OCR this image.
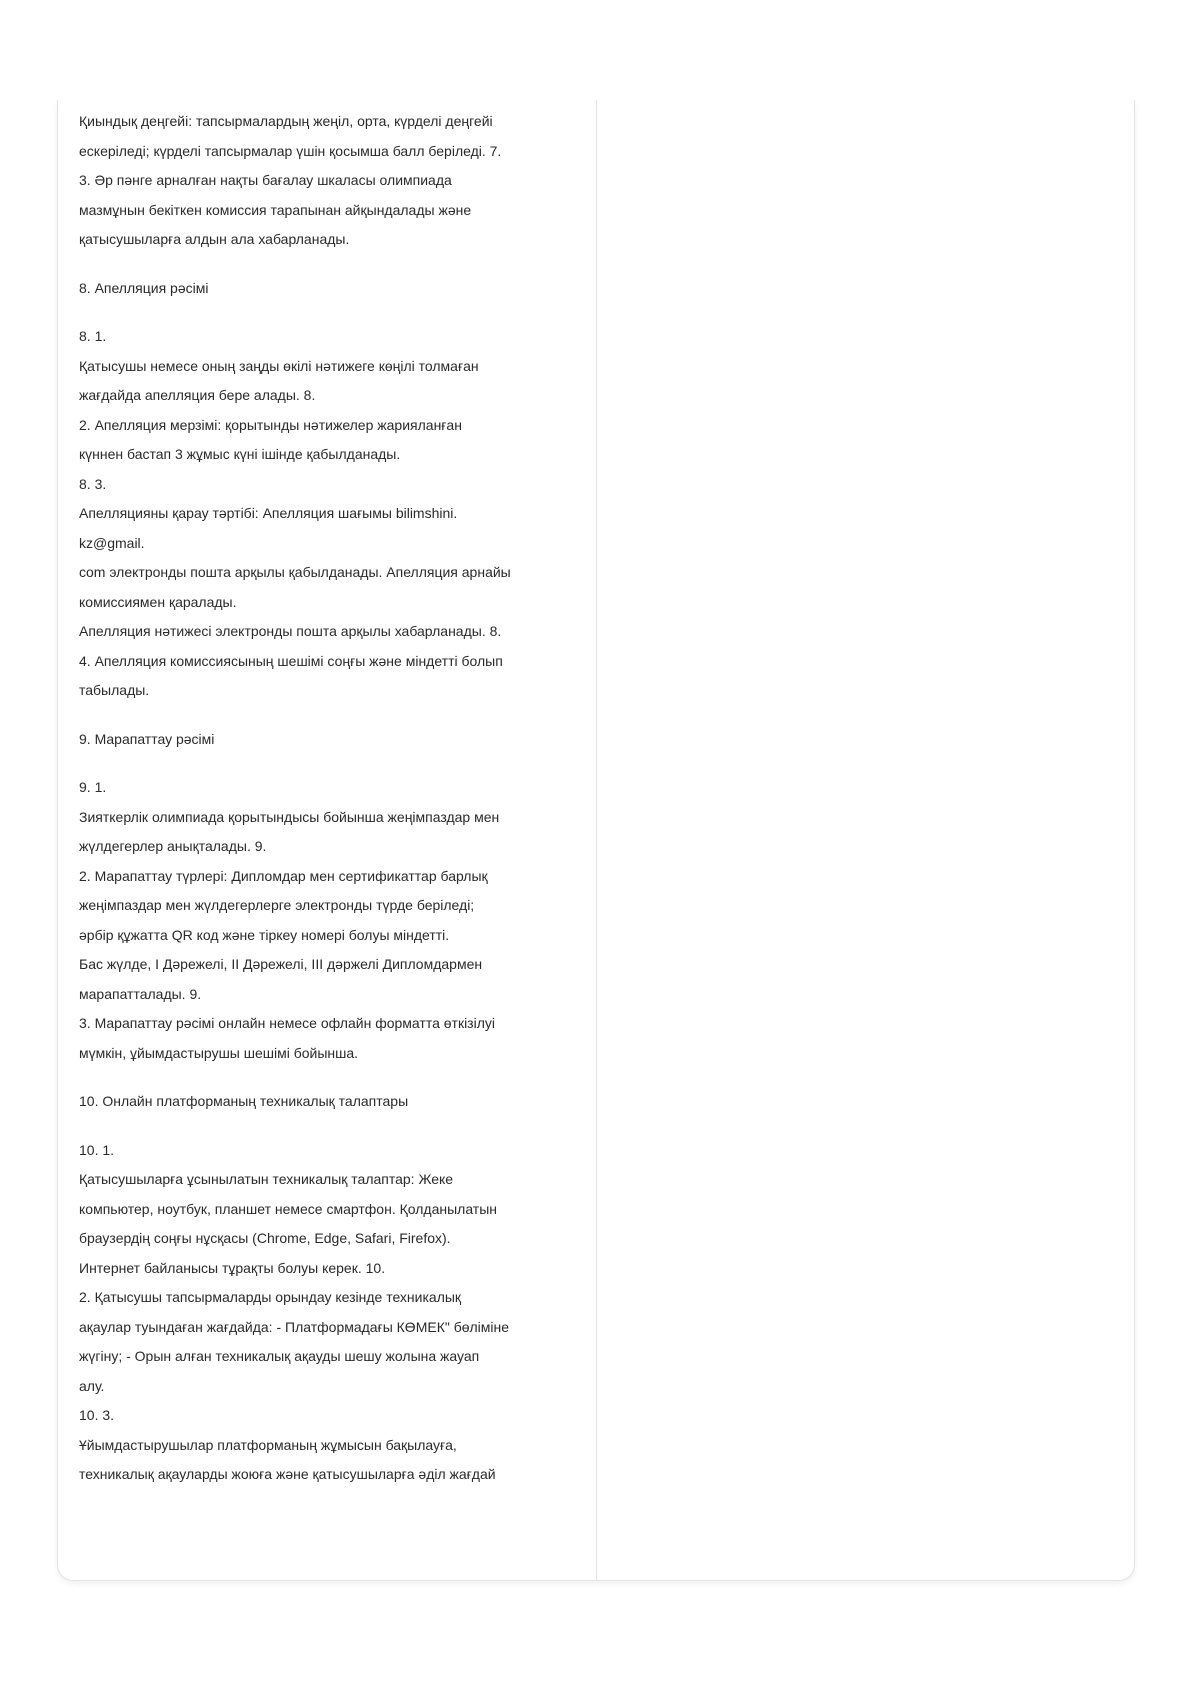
Қиындық деңгейі: тапсырмалардың жеңіл, орта, күрделі деңгейі
ескеріледі; күрделі тапсырмалар үшін қосымша балл беріледі. 7.
3. Әр пәнге арналған нақты бағалау шкаласы олимпиада
мазмұнын бекіткен комиссия тарапынан айқындалады және
қатысушыларға алдын ала хабарланады.
8. Апелляция рәсімі
8. 1.
Қатысушы немесе оның заңды өкілі нәтижеге көңілі толмаған
жағдайда апелляция бере алады. 8.
2. Апелляция мерзімі: қорытынды нәтижелер жарияланған
күннен бастап 3 жұмыс күні ішінде қабылданады.
8. 3.
Апелляцияны қарау тәртібі: Апелляция шағымы bilimshini.
kz@gmail.
com электронды пошта арқылы қабылданады. Апелляция арнайы
комиссиямен қаралады.
Апелляция нәтижесі электронды пошта арқылы хабарланады. 8.
4. Апелляция комиссиясының шешімі соңғы және міндетті болып
табылады.
9. Марапаттау рәсімі
9. 1.
Зияткерлік олимпиада қорытындысы бойынша жеңімпаздар мен
жүлдегерлер анықталады. 9.
2. Марапаттау түрлері: Дипломдар мен сертификаттар барлық
жеңімпаздар мен жүлдегерлерге электронды түрде беріледі;
әрбір құжатта QR код және тіркеу номері болуы міндетті.
Бас жүлде, I Дәрежелі, II Дәрежелі, III дәржелі Дипломдармен
марапатталады. 9.
3. Марапаттау рәсімі онлайн немесе офлайн форматта өткізілуі
мүмкін, ұйымдастырушы шешімі бойынша.
10. Онлайн платформаның техникалық талаптары
10. 1.
Қатысушыларға ұсынылатын техникалық талаптар: Жеке
компьютер, ноутбук, планшет немесе смартфон. Қолданылатын
браузердің соңғы нұсқасы (Chrome, Edge, Safari, Firefox).
Интернет байланысы тұрақты болуы керек. 10.
2. Қатысушы тапсырмаларды орындау кезінде техникалық
ақаулар туындаған жағдайда: - Платформадағы КӨМЕК" бөліміне
жүгіну; - Орын алған техникалық ақауды шешу жолына жауап
алу.
10. 3.
Ұйымдастырушылар платформаның жұмысын бақылауға,
техникалық ақауларды жоюға және қатысушыларға әділ жағдай
